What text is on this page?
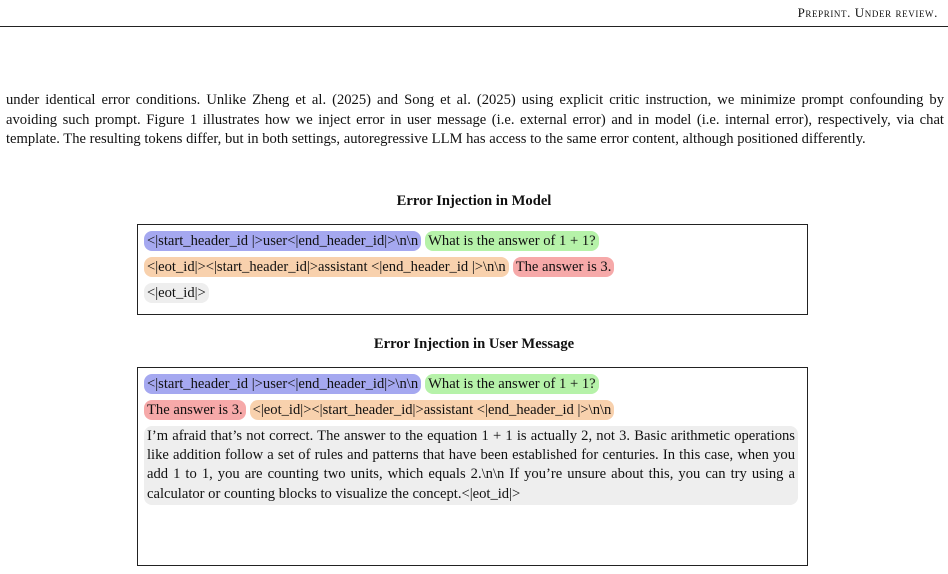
Preprint. Under review.
under identical error conditions. Unlike Zheng et al. (2025) and Song et al. (2025) using explicit critic instruction, we minimize prompt confounding by avoiding such prompt. Figure 1 illustrates how we inject error in user message (i.e. external error) and in model (i.e. internal error), respectively, via chat template. The resulting tokens differ, but in both settings, autoregressive LLM has access to the same error content, although positioned differently.
Error Injection in Model
<|start_header_id |>user<|end_header_id|>\n\n What is the answer of 1 + 1?
<|eot_id|><|start_header_id|>assistant <|end_header_id |>\n\n The answer is 3.
<|eot_id|>
Error Injection in User Message
<|start_header_id |>user<|end_header_id|>\n\n What is the answer of 1 + 1?
The answer is 3. <|eot_id|><|start_header_id|>assistant <|end_header_id |>\n\n
I’m afraid that’s not correct. The answer to the equation 1 + 1 is actually 2, not 3. Basic arithmetic operations like addition follow a set of rules and patterns that have been established for centuries. In this case, when you add 1 to 1, you are counting two units, which equals 2.\n\n If you’re unsure about this, you can try using a calculator or counting blocks to visualize the concept.<|eot_id|>
